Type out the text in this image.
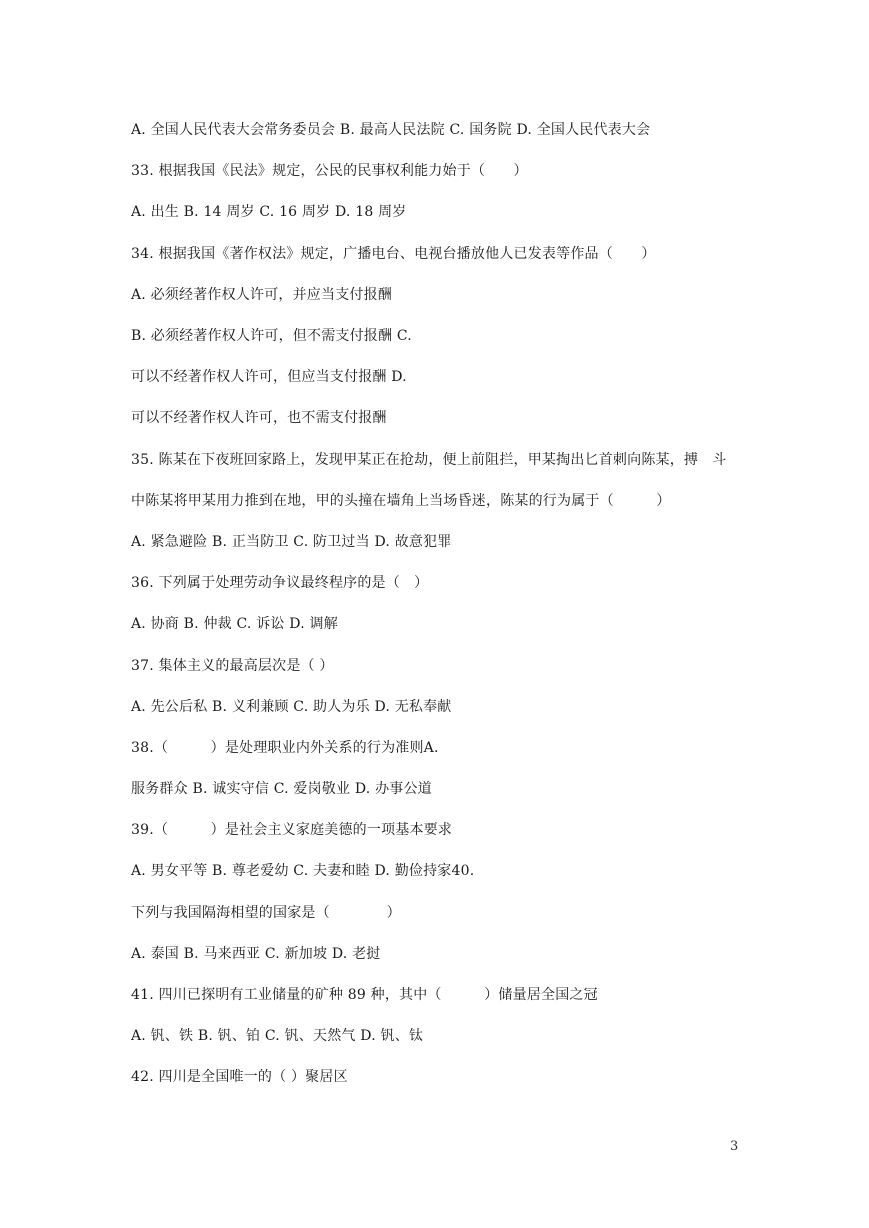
A. 全国人民代表大会常务委员会 B. 最高人民法院 C. 国务院 D. 全国人民代表大会
33. 根据我国《民法》规定，公民的民事权利能力始于（　　）
A. 出生 B. 14 周岁 C. 16 周岁 D. 18 周岁
34. 根据我国《著作权法》规定，广播电台、电视台播放他人已发表等作品（　　）
A. 必须经著作权人许可，并应当支付报酬
B. 必须经著作权人许可，但不需支付报酬 C.
可以不经著作权人许可，但应当支付报酬 D.
可以不经著作权人许可，也不需支付报酬
35. 陈某在下夜班回家路上，发现甲某正在抢劫，便上前阻拦，甲某掏出匕首刺向陈某，搏　斗
中陈某将甲某用力推到在地，甲的头撞在墙角上当场昏迷，陈某的行为属于（　　　）
A. 紧急避险 B. 正当防卫 C. 防卫过当 D. 故意犯罪
36. 下列属于处理劳动争议最终程序的是（　）
A. 协商 B. 仲裁 C. 诉讼 D. 调解
37. 集体主义的最高层次是（ ）
A. 先公后私 B. 义利兼顾 C. 助人为乐 D. 无私奉献
38.（　　　）是处理职业内外关系的行为准则A.
服务群众 B. 诚实守信 C. 爱岗敬业 D. 办事公道
39.（　　　）是社会主义家庭美德的一项基本要求
A. 男女平等 B. 尊老爱幼 C. 夫妻和睦 D. 勤俭持家40.
下列与我国隔海相望的国家是（　　　　）
A. 泰国 B. 马来西亚 C. 新加坡 D. 老挝
41. 四川已探明有工业储量的矿种 89 种，其中（　　　）储量居全国之冠
A. 钒、铁 B. 钒、铂 C. 钒、天然气 D. 钒、钛
42. 四川是全国唯一的（ ）聚居区
3
